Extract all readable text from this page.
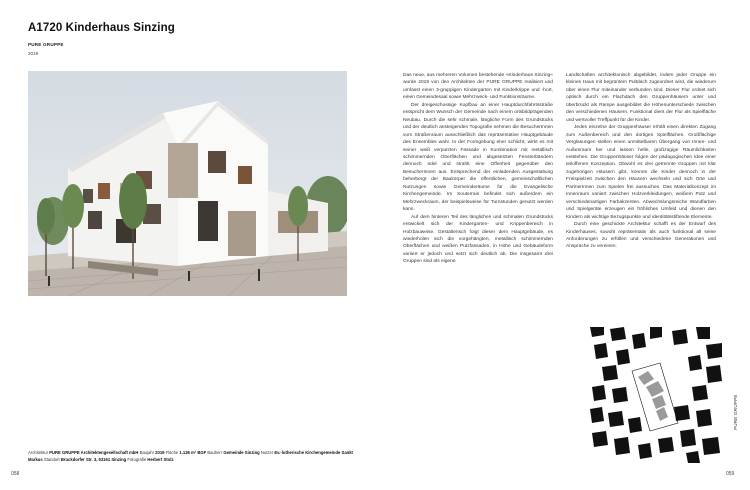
A1720 Kinderhaus Sinzing
PURE GRUPPE
2019

Das neue, aus mehreren Volumen bestehende »Kinderhaus Sinzing« wurde 2019 von den Architekten der PURE GRUPPE realisiert und umfasst einen 3-gruppigen Kindergarten mit Kinderkrippe und -hort, einen Gemeindesaal sowie Mehrzweck- und Funktionsräume.

Der dreigeschossige Kopfbau an einer Hauptdurchfahrtsstraße entspricht dem Wunsch der Gemeinde nach einem ortsbildprägenden Neubau. Durch die sehr schmale, längliche Form des Grundstücks und der deutlich ansteigenden Topografie nehmen die BesucherInnen vom Straßenraum ausschließlich das repräsentative Hauptgebäude des Ensembles wahr. In der Formgebung eher schlicht, wirkt es mit seiner weiß verputzten Fassade in Kombination mit metallisch schimmernden Oberflächen und abgesetzten Fensterbändern dennoch edel und strahlt eine Offenheit gegenüber den BesucherInnen aus. Entsprechend der einladenden Ausgestaltung beherbergt der Baukörper die öffentlichen, gemeinschaftlichen Nutzungen sowie Gemeinderäume für die Evangelische Kirchengemeinde. Im Souterrain befindet sich außerdem ein Mehrzweckraum, der beispielsweise für Turnstunden genutzt werden kann.

Auf dem hinteren Teil des länglichen und schmalen Grundstücks entwickelt sich der Kindergarten- und Krippenbereich in Holzbauweise. Gestalterisch folgt dieser dem Hauptgebäude, es wiederholen sich die vorgehängten, metallisch schimmernden Oberflächen und weißen Putzfassaden, in Höhe und Gebäudeform variiert er jedoch und setzt sich deutlich ab. Die insgesamt drei Gruppen sind als eigene

Landschaften architektonisch abgebildet, indem jeder Gruppe ein kleines Haus mit begrüntem Pultdach zugeordnet wird, die wiederum über einen Flur miteinander verbunden sind. Dieser Flur ordnet sich optisch durch ein Flachdach den Gruppenhäusern unter und überbrückt als Rampe ausgebildet die Höhenunterschiede zwischen den verschiedenen Häusern. Funktional dient der Flur als Spielfläche und wertvoller Treffpunkt für die Kinder.

Jedes einzelne der Gruppenhäuser erhält einen direkten Zugang zum Außenbereich und den dortigen Spielflächen. Großflächige Verglasungen stellen einen unmittelbaren Übergang von Innen- und Außenraum her und lassen helle, großzügige Räumlichkeiten entstehen. Die Gruppenhäuser folgen der pädagogischen Idee einer teiloffenen Konzeption. Obwohl es drei getrennte Gruppen mit klar zugehörigen Häusern gibt, können die Kinder dennoch in der Freispielzeit zwischen den Häusern wechseln und sich Orte und PartnerInnen zum Spielen frei aussuchen. Das Materialkonzept im Innenraum variiert zwischen Holzverkleidungen, weißem Putz und verschiedenartigen Farbakzenten. Abwechslungsreiche Wandfarben und Spielgeräte erzeugen ein fröhliches Umfeld und dienen den Kindern als wichtige Bezugspunkte und identitätsstiftende Elemente.

Durch eine geschickte Architektur schafft es der Entwurf des Kinderhauses, sowohl repräsentativ als auch funktional all seine Anforderungen zu erfüllen und verschiedene Generationen und Ansprüche zu vereinen.

Architektur PURE GRUPPE Architektengesellschaft mbH Baujahr 2019 Fläche 1.136 m² BGF Bauherr Gemeinde Sinzing Nutzer Ev.-lutherische Kirchengemeinde Sankt Markus Standort Bruckdorfer Str. 3, 93161 Sinzing Fotografie Herbert Stolz
PURE GRUPPE
058	059
